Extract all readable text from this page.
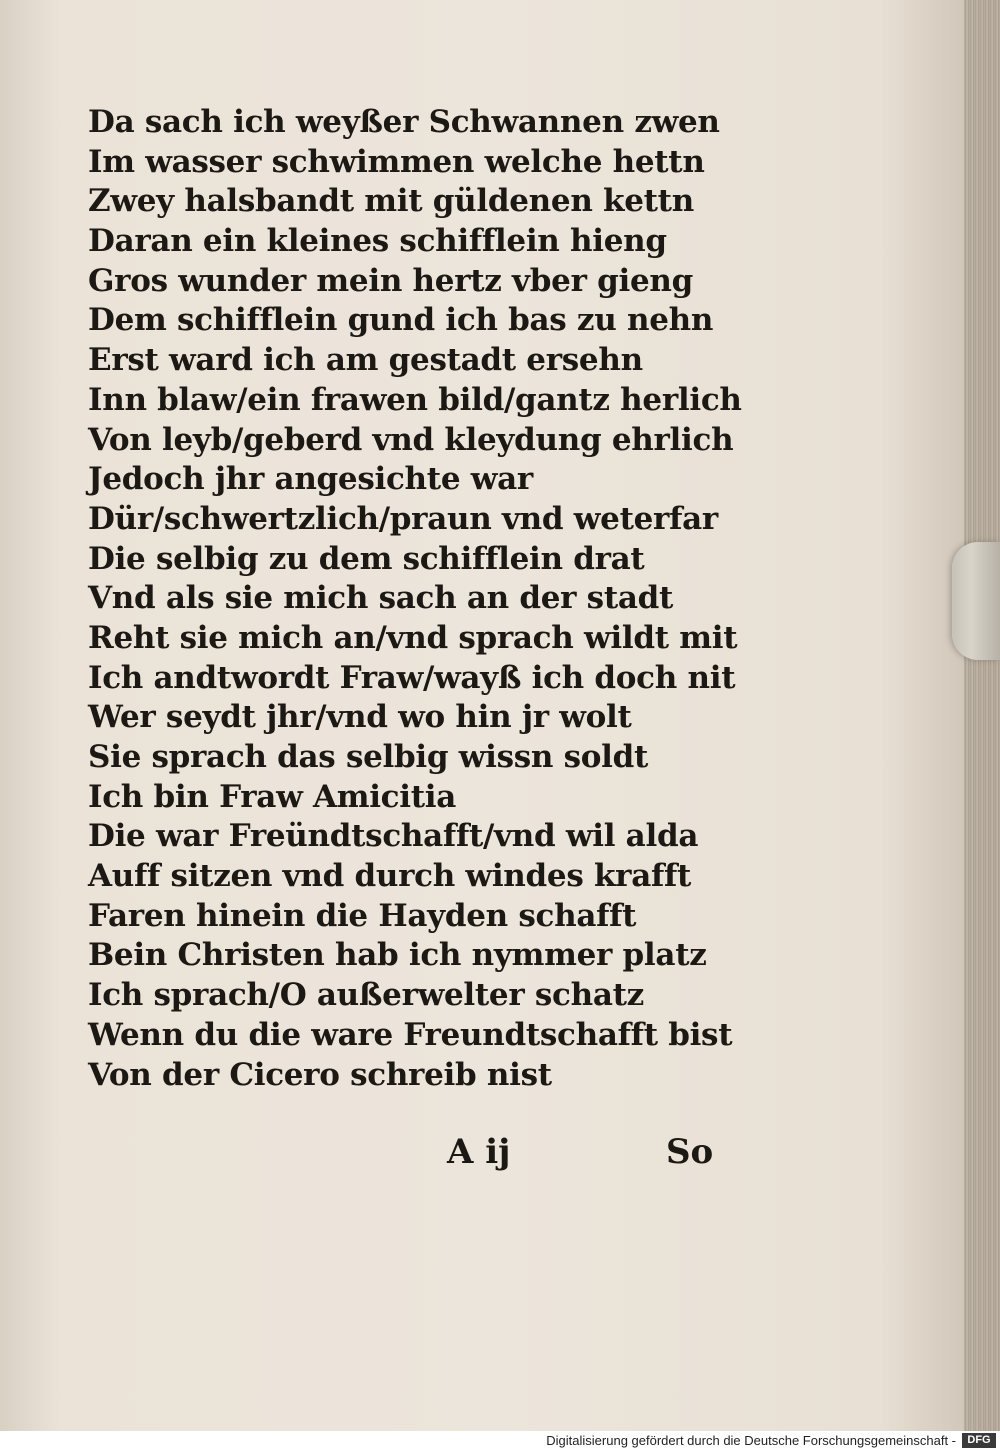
Da sach ich weyßer Schwannen zwen
Im wasser schwimmen welche hettn
Zwey halsbandt mit güldenen kettn
Daran ein kleines schifflein hieng
Gros wunder mein hertz vber gieng
Dem schifflein gund ich bas zu nehn
Erst ward ich am gestadt ersehn
Inn blaw/ein frawen bild/gantz herlich
Von leyb/geberd vnd kleydung ehrlich
Jedoch jhr angesichte war
Dür/schwertzlich/praun vnd weterfar
Die selbig zu dem schifflein drat
Vnd als sie mich sach an der stadt
Reht sie mich an/vnd sprach wildt mit
Ich andtwordt Fraw/wayß ich doch nit
Wer seydt jhr/vnd wo hin jr wolt
Sie sprach das selbig wissn soldt
Ich bin Fraw Amicitia
Die war Freündtschafft/vnd wil alda
Auff sitzen vnd durch windes krafft
Faren hinein die Hayden schafft
Bein Christen hab ich nymmer platz
Ich sprach/O außerwelter schatz
Wenn du die ware Freundtschafft bist
Von der Cicero schreib nist
A ij	So
Digitalisierung gefördert durch die Deutsche Forschungsgemeinschaft -	DFG
